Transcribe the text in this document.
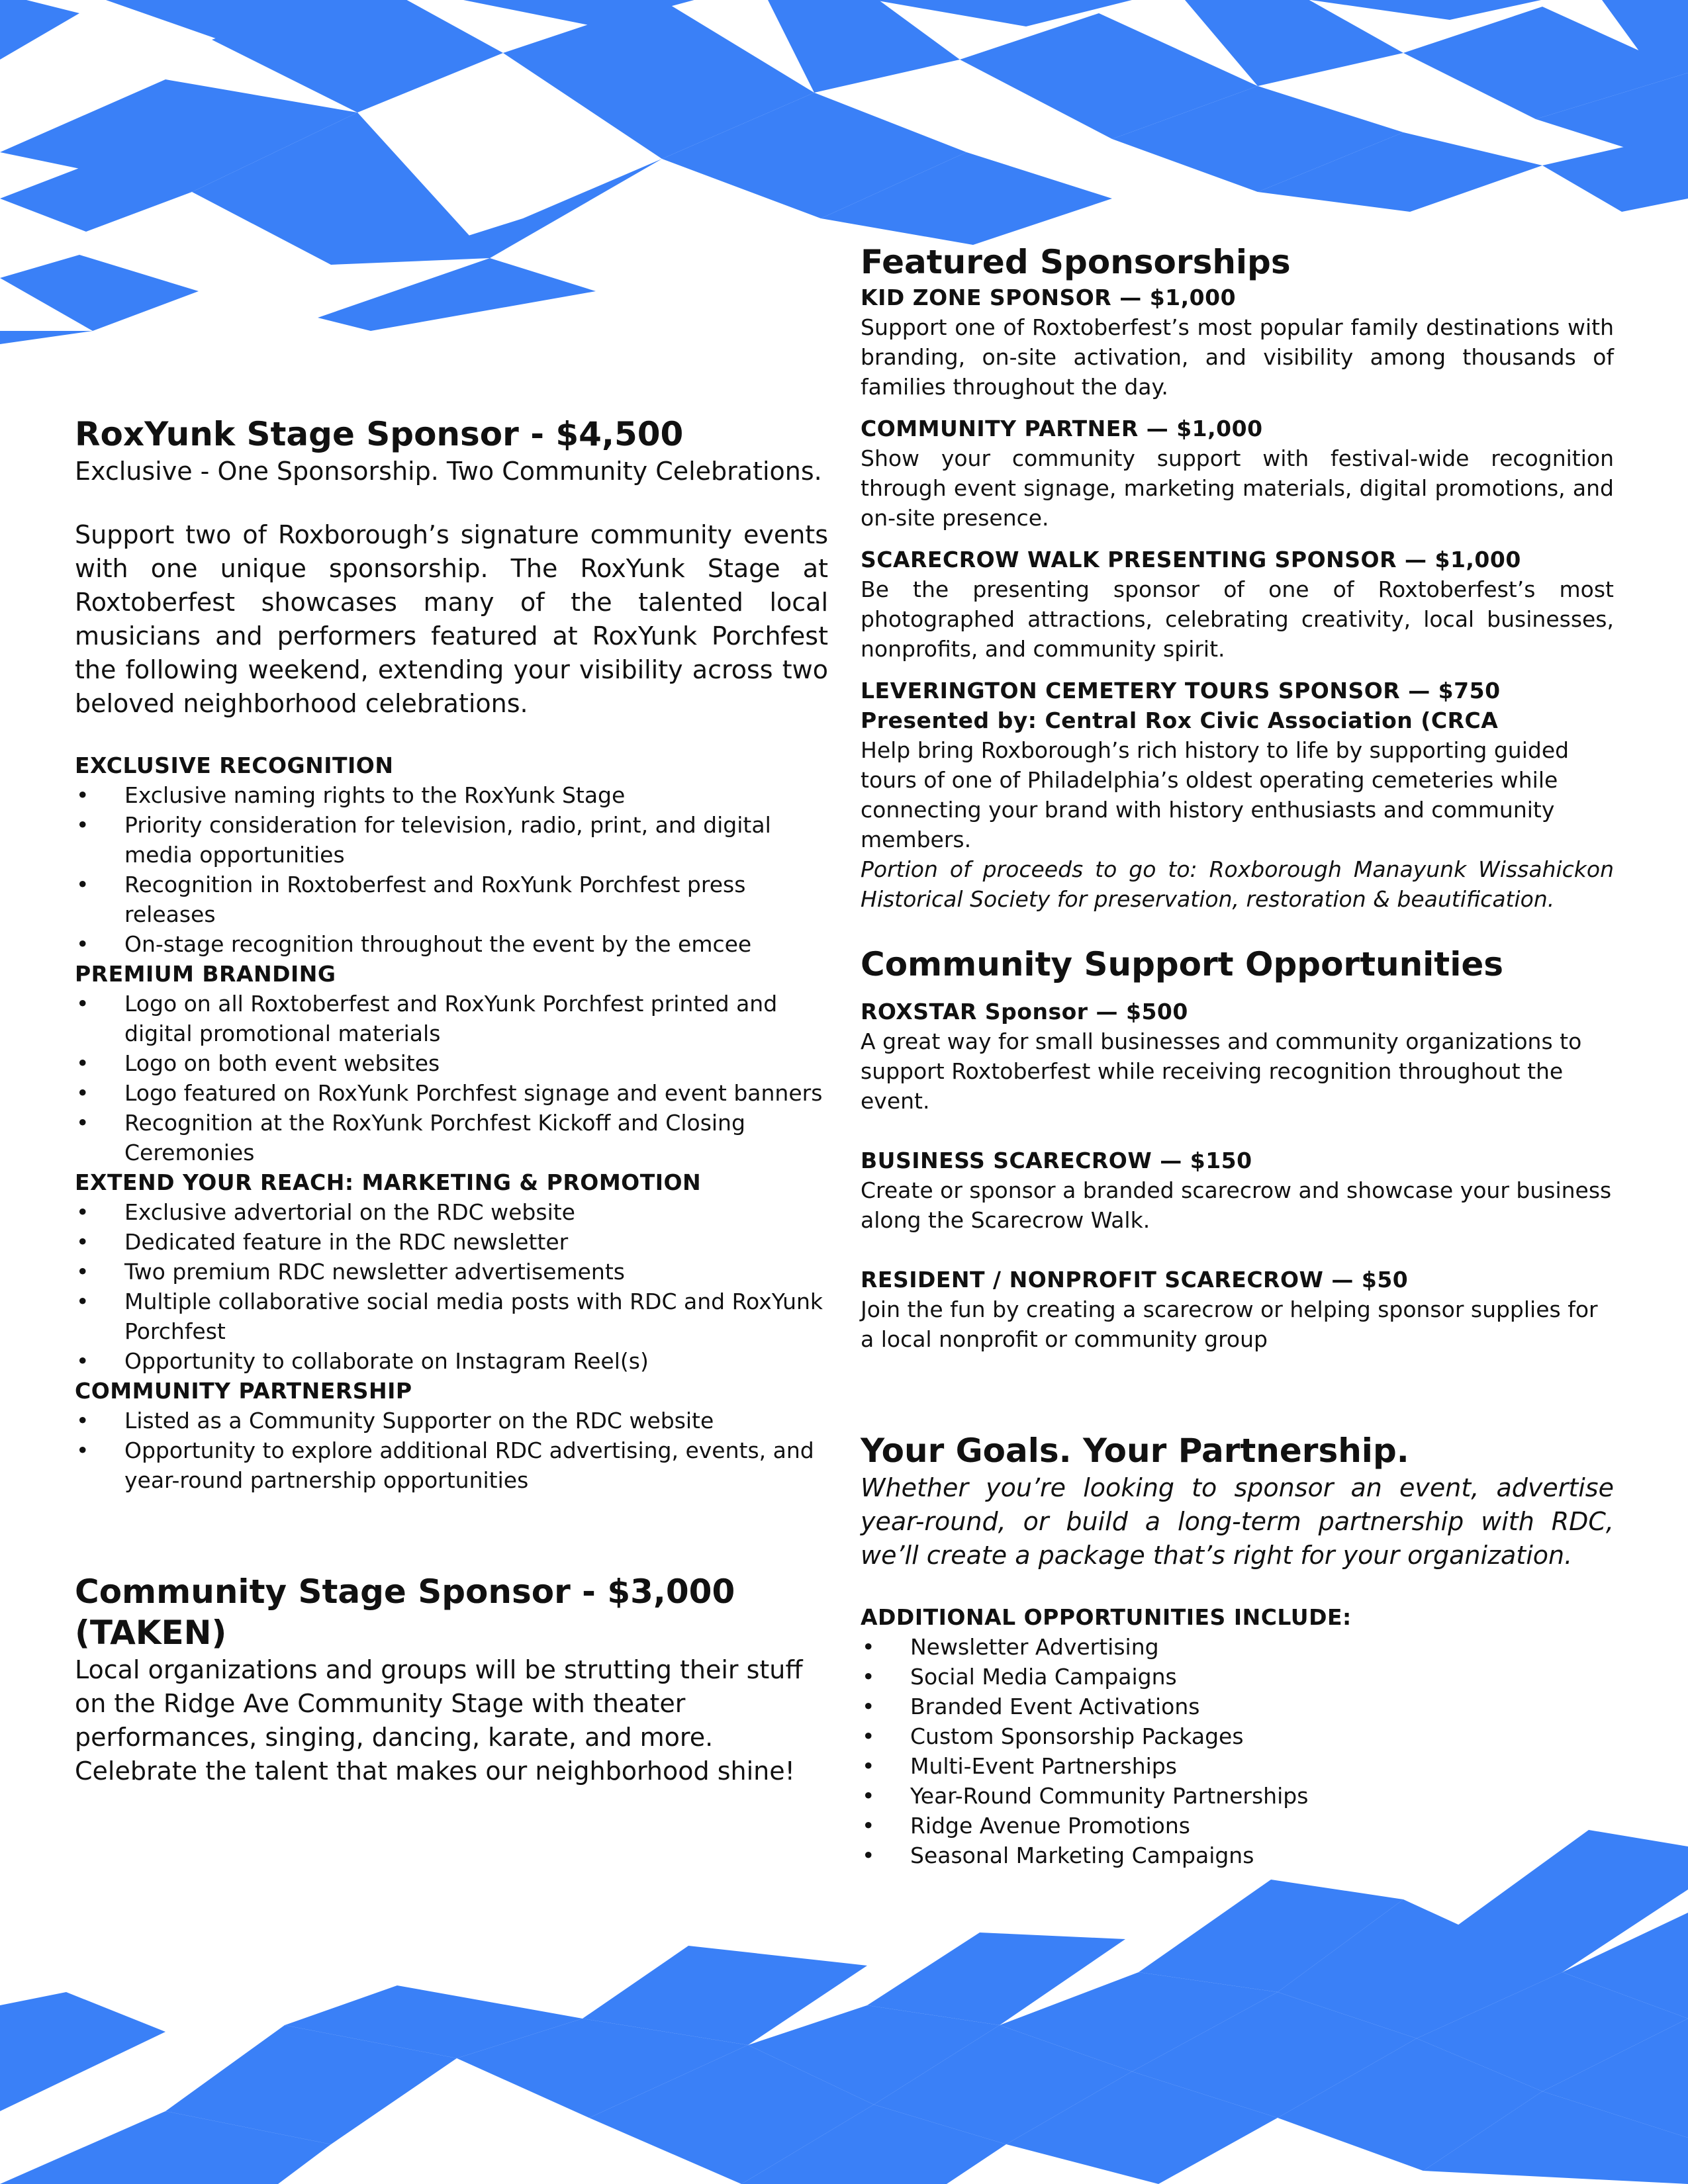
RoxYunk Stage Sponsor - $4,500

Exclusive - One Sponsorship. Two Community Celebrations.

Support two of Roxborough’s signature community events with one unique sponsorship. The RoxYunk Stage at Roxtoberfest showcases many of the talented local musicians and performers featured at RoxYunk Porchfest the following weekend, extending your visibility across two beloved neighborhood celebrations.

EXCLUSIVE RECOGNITION
• Exclusive naming rights to the RoxYunk Stage
• Priority consideration for television, radio, print, and digital media opportunities
• Recognition in Roxtoberfest and RoxYunk Porchfest press releases
• On-stage recognition throughout the event by the emcee
PREMIUM BRANDING
• Logo on all Roxtoberfest and RoxYunk Porchfest printed and digital promotional materials
• Logo on both event websites
• Logo featured on RoxYunk Porchfest signage and event banners
• Recognition at the RoxYunk Porchfest Kickoff and Closing Ceremonies
EXTEND YOUR REACH: MARKETING & PROMOTION
• Exclusive advertorial on the RDC website
• Dedicated feature in the RDC newsletter
• Two premium RDC newsletter advertisements
• Multiple collaborative social media posts with RDC and RoxYunk Porchfest
• Opportunity to collaborate on Instagram Reel(s)
COMMUNITY PARTNERSHIP
• Listed as a Community Supporter on the RDC website
• Opportunity to explore additional RDC advertising, events, and year-round partnership opportunities
Community Stage Sponsor - $3,000 (TAKEN)

Local organizations and groups will be strutting their stuff on the Ridge Ave Community Stage with theater performances, singing, dancing, karate, and more. Celebrate the talent that makes our neighborhood shine!

Featured Sponsorships
KID ZONE SPONSOR — $1,000

Support one of Roxtoberfest’s most popular family destinations with branding, on-site activation, and visibility among thousands of families throughout the day.

COMMUNITY PARTNER — $1,000

Show your community support with festival-wide recognition through event signage, marketing materials, digital promotions, and on-site presence.

SCARECROW WALK PRESENTING SPONSOR — $1,000

Be the presenting sponsor of one of Roxtoberfest’s most photographed attractions, celebrating creativity, local businesses, nonprofits, and community spirit.

LEVERINGTON CEMETERY TOURS SPONSOR — $750
Presented by: Central Rox Civic Association (CRCA

Help bring Roxborough’s rich history to life by supporting guided tours of one of Philadelphia’s oldest operating cemeteries while connecting your brand with history enthusiasts and community members.

Portion of proceeds to go to: Roxborough Manayunk Wissahickon Historical Society for preservation, restoration & beautification.

Community Support Opportunities
ROXSTAR Sponsor — $500

A great way for small businesses and community organizations to support Roxtoberfest while receiving recognition throughout the event.

BUSINESS SCARECROW — $150

Create or sponsor a branded scarecrow and showcase your business along the Scarecrow Walk.

RESIDENT / NONPROFIT SCARECROW — $50

Join the fun by creating a scarecrow or helping sponsor supplies for a local nonprofit or community group

Your Goals. Your Partnership.

Whether you’re looking to sponsor an event, advertise year-round, or build a long-term partnership with RDC, we’ll create a package that’s right for your organization.

ADDITIONAL OPPORTUNITIES INCLUDE:
• Newsletter Advertising
• Social Media Campaigns
• Branded Event Activations
• Custom Sponsorship Packages
• Multi-Event Partnerships
• Year-Round Community Partnerships
• Ridge Avenue Promotions
• Seasonal Marketing Campaigns
